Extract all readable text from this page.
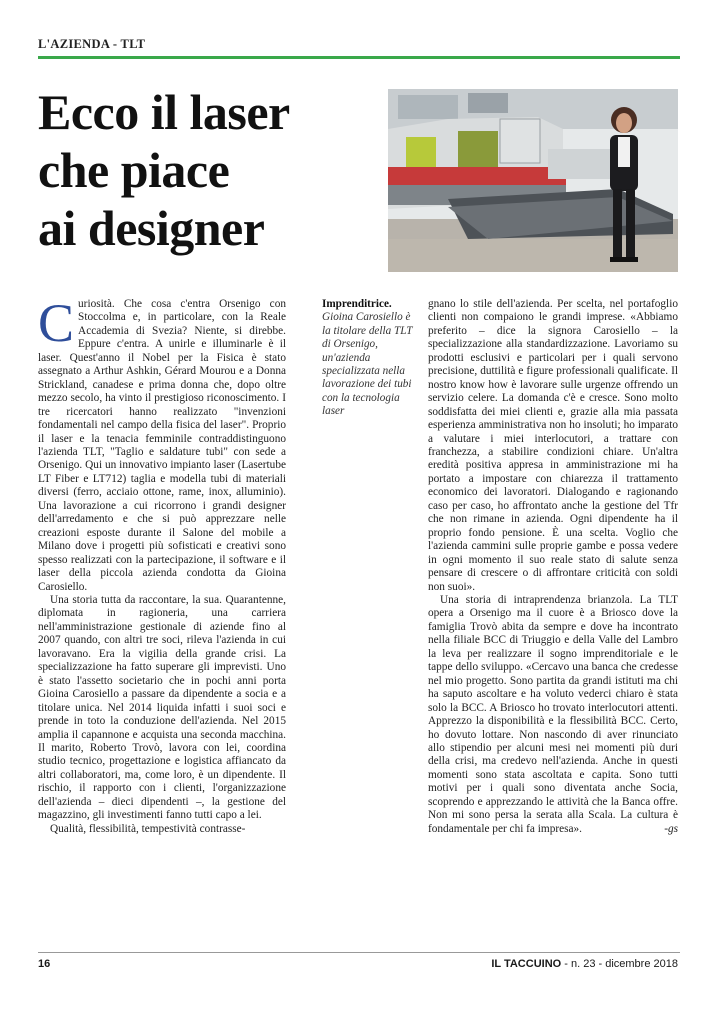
L'AZIENDA - TLT
Ecco il laser
che piace
ai designer

Curiosità. Che cosa c'entra Orsenigo con Stoccolma e, in particolare, con la Reale Accademia di Svezia? Niente, si direbbe. Eppure c'entra. A unirle e illuminarle è il laser. Quest'anno il Nobel per la Fisica è stato assegnato a Arthur Ashkin, Gérard Mourou e a Donna Strickland, canadese e prima donna che, dopo oltre mezzo secolo, ha vinto il prestigioso riconoscimento. I tre ricercatori hanno realizzato "invenzioni fondamentali nel campo della fisica del laser". Proprio il laser e la tenacia femminile contraddistinguono l'azienda TLT, "Taglio e saldature tubi" con sede a Orsenigo. Qui un innovativo impianto laser (Lasertube LT Fiber e LT712) taglia e modella tubi di materiali diversi (ferro, acciaio ottone, rame, inox, alluminio). Una lavorazione a cui ricorrono i grandi designer dell'arredamento e che si può apprezzare nelle creazioni esposte durante il Salone del mobile a Milano dove i progetti più sofisticati e creativi sono spesso realizzati con la partecipazione, il software e il laser della piccola azienda condotta da Gioina Carosiello.

Una storia tutta da raccontare, la sua. Quarantenne, diplomata in ragioneria, una carriera nell'amministrazione gestionale di aziende fino al 2007 quando, con altri tre soci, rileva l'azienda in cui lavoravano. Era la vigilia della grande crisi. La specializzazione ha fatto superare gli imprevisti. Uno è stato l'assetto societario che in pochi anni porta Gioina Carosiello a passare da dipendente a socia e a titolare unica. Nel 2014 liquida infatti i suoi soci e prende in toto la conduzione dell'azienda. Nel 2015 amplia il capannone e acquista una seconda macchina. Il marito, Roberto Trovò, lavora con lei, coordina studio tecnico, progettazione e logistica affiancato da altri collaboratori, ma, come loro, è un dipendente. Il rischio, il rapporto con i clienti, l'organizzazione dell'azienda – dieci dipendenti –, la gestione del magazzino, gli investimenti fanno tutti capo a lei.

Qualità, flessibilità, tempestività contrasse-

Imprenditrice.
Gioina Carosiello è la titolare della TLT di Orsenigo, un'azienda specializzata nella lavorazione dei tubi con la tecnologia laser

gnano lo stile dell'azienda. Per scelta, nel portafoglio clienti non compaiono le grandi imprese. «Abbiamo preferito – dice la signora Carosiello – la specializzazione alla standardizzazione. Lavoriamo su prodotti esclusivi e particolari per i quali servono precisione, duttilità e figure professionali qualificate. Il nostro know how è lavorare sulle urgenze offrendo un servizio celere. La domanda c'è e cresce. Sono molto soddisfatta dei miei clienti e, grazie alla mia passata esperienza amministrativa non ho insoluti; ho imparato a valutare i miei interlocutori, a trattare con franchezza, a stabilire condizioni chiare. Un'altra eredità positiva appresa in amministrazione mi ha portato a impostare con chiarezza il trattamento economico dei lavoratori. Dialogando e ragionando caso per caso, ho affrontato anche la gestione del Tfr che non rimane in azienda. Ogni dipendente ha il proprio fondo pensione. È una scelta. Voglio che l'azienda cammini sulle proprie gambe e possa vedere in ogni momento il suo reale stato di salute senza pensare di crescere o di affrontare criticità con soldi non suoi».

Una storia di intraprendenza brianzola. La TLT opera a Orsenigo ma il cuore è a Briosco dove la famiglia Trovò abita da sempre e dove ha incontrato nella filiale BCC di Triuggio e della Valle del Lambro la leva per realizzare il sogno imprenditoriale e le tappe dello sviluppo. «Cercavo una banca che credesse nel mio progetto. Sono partita da grandi istituti ma chi ha saputo ascoltare e ha voluto vederci chiaro è stata solo la BCC. A Briosco ho trovato interlocutori attenti. Apprezzo la disponibilità e la flessibilità BCC. Certo, ho dovuto lottare. Non nascondo di aver rinunciato allo stipendio per alcuni mesi nei momenti più duri della crisi, ma credevo nell'azienda. Anche in questi momenti sono stata ascoltata e capita. Sono tutti motivi per i quali sono diventata anche Socia, scoprendo e apprezzando le attività che la Banca offre. Non mi sono persa la serata alla Scala. La cultura è fondamentale per chi fa impresa».	-gs

16	IL TACCUINO - n. 23 - dicembre 2018
